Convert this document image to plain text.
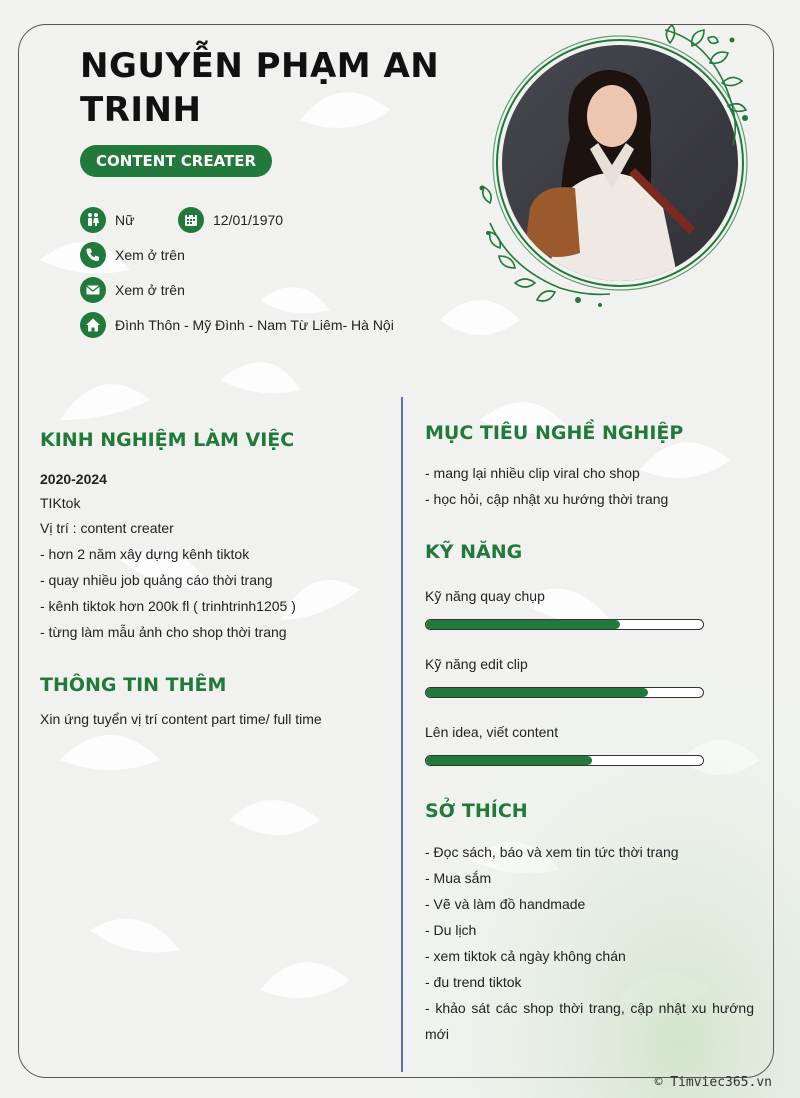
NGUYỄN PHẠM AN TRINH
CONTENT CREATER
Nữ	12/01/1970
Xem ở trên
Xem ở trên
Đình Thôn - Mỹ Đình - Nam Từ Liêm- Hà Nội
KINH NGHIỆM LÀM VIỆC
2020-2024
TIKtok
Vị trí : content creater
- hơn 2 năm xây dựng kênh tiktok
- quay nhiều job quảng cáo thời trang
- kênh tiktok hơn 200k fl ( trinhtrinh1205 )
- từng làm mẫu ảnh cho shop thời trang
THÔNG TIN THÊM
Xin ứng tuyển vị trí content part time/ full time
MỤC TIÊU NGHỀ NGHIỆP
- mang lại nhiều clip viral cho shop
- học hỏi, cập nhật xu hướng thời trang
KỸ NĂNG
Kỹ năng quay chụp
Kỹ năng edit clip
Lên idea, viết content
SỞ THÍCH
- Đọc sách, báo và xem tin tức thời trang
- Mua sắm
- Vẽ và làm đồ handmade
- Du lịch
- xem tiktok cả ngày không chán
- đu trend tiktok
- khảo sát các shop thời trang, cập nhật xu hướng mới
© Timviec365.vn
